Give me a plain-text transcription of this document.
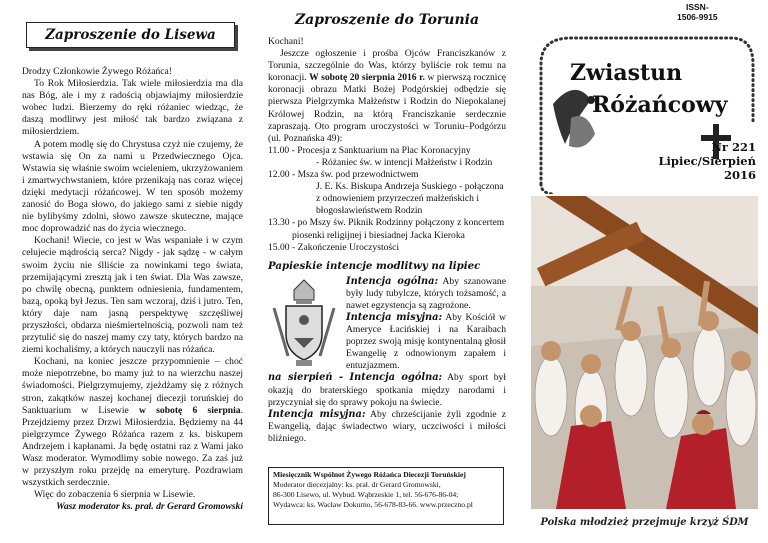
Zaproszenie do Lisewa

Drodzy Członkowie Żywego Różańca!

To Rok Miłosierdzia. Tak wiele miłosierdzia ma dla nas Bóg, ale i my z radością objawiajmy miłosierdzie wobec ludzi. Bierzemy do ręki różaniec wiedząc, że daszą modlitwy jest miłość tak bardzo związana z miłosierdziem.

A potem modlę się do Chrystusa czyż nie czujemy, że wstawia się On za nami u Przedwiecznego Ojca. Wstawia się właśnie swoim wcieleniem, ukrzyżowaniem i zmartwychwstaniem, które przenikają nas coraz więcej dzięki medytacji różańcowej. W ten sposób możemy zanosić do Boga słowo, do jakiego sami z siebie nigdy nie bylibyśmy zdolni, słowo zawsze skuteczne, mające moc doprowadzić nas do życia wiecznego.

Kochani! Wiecie, co jest w Was wspaniałe i w czym celujecie mądrością serca? Nigdy - jak sądzę - w całym swoim życiu nie ślliście za nowinkami tego świata, przemijającymi zresztą jak i ten świat. Dla Was zawsze, po chwilę obecną, punktem odniesienia, fundamentem, bazą, opoką był Jezus. Ten sam wczoraj, dziś i jutro. Ten, który daje nam jasną perspektywę szczęśliwej przyszłości, obdarza nieśmiertelnością, pozwoli nam też przytulić się do naszej mamy czy taty, których bardzo na ziemi kochaliśmy, a których nauczyli nas różańca.

Kochani, na koniec jeszcze przypomnienie – choć może niepotrzebne, bo mamy już to na wierzchu naszej świadomości. Pielgrzymujemy, zjeżdżamy się z różnych stron, zakątków naszej kochanej diecezji toruńskiej do Sanktuarium w Lisewie w sobotę 6 sierpnia. Przejdziemy przez Drzwi Miłosierdzia. Będziemy na 44 pielgrzymce Żywego Różańca razem z ks. biskupem Andrzejem i kapłanami. Ja będę ostatni raz z Wami jako Wasz moderator. Wymodlimy sobie nowego. Za zaś już w przyszłym roku przejdę na emeryturę. Pozdrawiam wszystkich serdecznie.

Więc do zobaczenia 6 sierpnia w Lisewie.

Wasz moderator ks. prał. dr Gerard Gromowski

Zaproszenie do Torunia

Kochani!

Jeszcze ogłoszenie i prośba Ojców Franciszkanów z Torunia, szczególnie do Was, którzy byliście rok temu na koronacji. W sobotę 20 sierpnia 2016 r. w pierwszą rocznicę koronacji obrazu Matki Bożej Podgórskiej odbędzie się pierwsza Pielgrzymka Małżeństw i Rodzin do Niepokalanej Królowej Rodzin, na którą Franciszkanie serdecznie zapraszają. Oto program uroczystości w Toruniu–Podgórzu (ul. Poznańska 49):

11.00
- Procesja z Sanktuarium na Plac Koronacyjny
- Różaniec św. w intencji Małżeństw i Rodzin
12.00
- Msza św. pod przewodnictwem
J. E. Ks. Biskupa Andrzeja Suskiego - połączona z odnowieniem przyrzeczeń małżeńskich i błogosławieństwem Rodzin
13.30
- po Mszy św. Piknik Rodzinny połączony z koncertem piosenki religijnej i biesiadnej Jacka Kieroka
15.00
- Zakończenie Uroczystości
Papieskie intencje modlitwy na lipiec

Intencja ogólna: Aby szanowane były ludy tubylcze, których tożsamość, a nawet egzystencja są zagrożone.

Intencja misyjna: Aby Kościół w Ameryce Łacińskiej i na Karaibach poprzez swoją misję kontynentalną głosił Ewangelię z odnowionym zapałem i entuzjazmem.

na sierpień - Intencja ogólna: Aby sport był okazją do braterskiego spotkania między narodami i przyczyniał się do sprawy pokoju na świecie.

Intencja misyjna: Aby chrześcijanie żyli zgodnie z Ewangelią, dając świadectwo wiary, uczciwości i miłości bliźniego.

Miesięcznik Wspólnot Żywego Różańca Diecezji Toruńskiej
Moderator diecezjalny: ks. prał. dr Gerard Gromowski,
86-300 Lisewo, ul. Wybud. Wąbrzeskie 1, tel. 56-676-86-04;
Wydawca: ks. Wacław Dokurno, 56-678-83-66. www.przeczno.pl
ISSN-
1506-9915
Zwiastun
Różańcowy
Nr 221
Lipiec/Sierpień
2016
Polska młodzież przejmuje krzyż ŚDM
